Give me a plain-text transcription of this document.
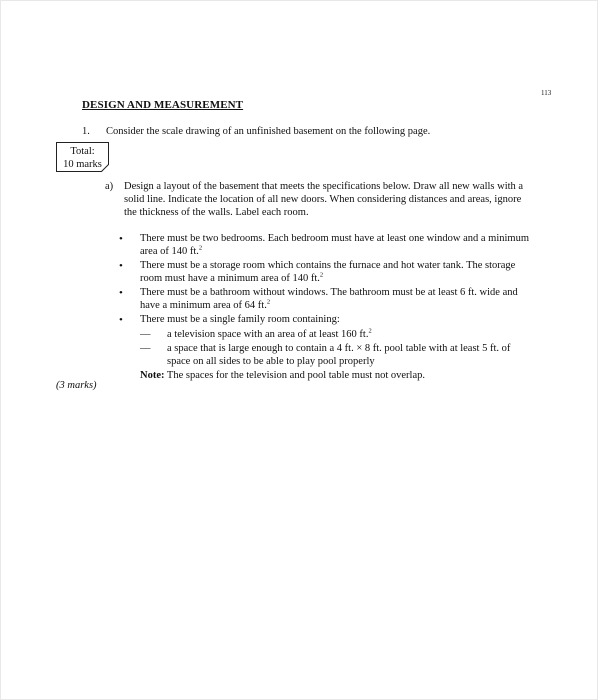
113
DESIGN AND MEASUREMENT
1. Consider the scale drawing of an unfinished basement on the following page.
Total:
10 marks
a) Design a layout of the basement that meets the specifications below. Draw all new walls with a solid line. Indicate the location of all new doors. When considering distances and areas, ignore the thickness of the walls. Label each room.
• There must be two bedrooms. Each bedroom must have at least one window and a minimum area of 140 ft.$^2$
• There must be a storage room which contains the furnace and hot water tank. The storage room must have a minimum area of 140 ft.$^2$
• There must be a bathroom without windows. The bathroom must be at least 6 ft. wide and have a minimum area of 64 ft.$^2$
• There must be a single family room containing:
— a television space with an area of at least 160 ft.$^2$
— a space that is large enough to contain a 4 ft. × 8 ft. pool table with at least 5 ft. of space on all sides to be able to play pool properly
Note: The spaces for the television and pool table must not overlap.
(3 marks)
